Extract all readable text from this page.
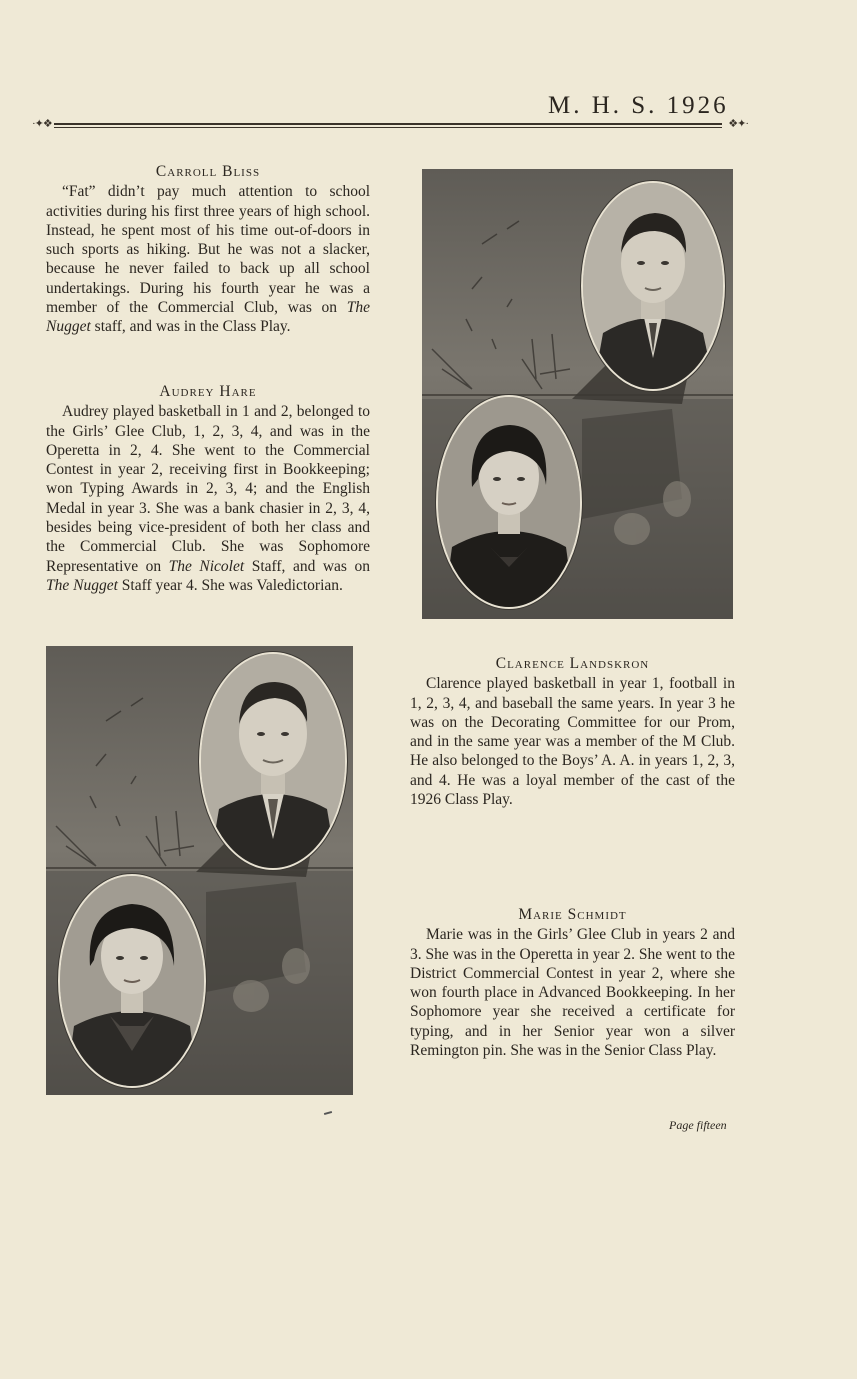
M. H. S. 1926
·✦❖	❖✦·
Carroll Bliss
“Fat” didn’t pay much attention to school activities during his first three years of high school. Instead, he spent most of his time out-of-doors in such sports as hiking. But he was not a slacker, because he never failed to back up all school undertakings. During his fourth year he was a member of the Commercial Club, was on The Nugget staff, and was in the Class Play.
Audrey Hare
Audrey played basketball in 1 and 2, belonged to the Girls’ Glee Club, 1, 2, 3, 4, and was in the Operetta in 2, 4. She went to the Commercial Contest in year 2, receiving first in Bookkeeping; won Typing Awards in 2, 3, 4; and the English Medal in year 3. She was a bank chasier in 2, 3, 4, besides being vice-president of both her class and the Commercial Club. She was Sophomore Representative on The Nicolet Staff, and was on The Nugget Staff year 4. She was Valedictorian.
Clarence Landskron
Clarence played basketball in year 1, football in 1, 2, 3, 4, and baseball the same years. In year 3 he was on the Decorating Committee for our Prom, and in the same year was a member of the M Club. He also belonged to the Boys’ A. A. in years 1, 2, 3, and 4. He was a loyal member of the cast of the 1926 Class Play.
Marie Schmidt
Marie was in the Girls’ Glee Club in years 2 and 3. She was in the Operetta in year 2. She went to the District Commercial Contest in year 2, where she won fourth place in Advanced Bookkeeping. In her Sophomore year she received a certificate for typing, and in her Senior year won a silver Remington pin. She was in the Senior Class Play.
Page fifteen
